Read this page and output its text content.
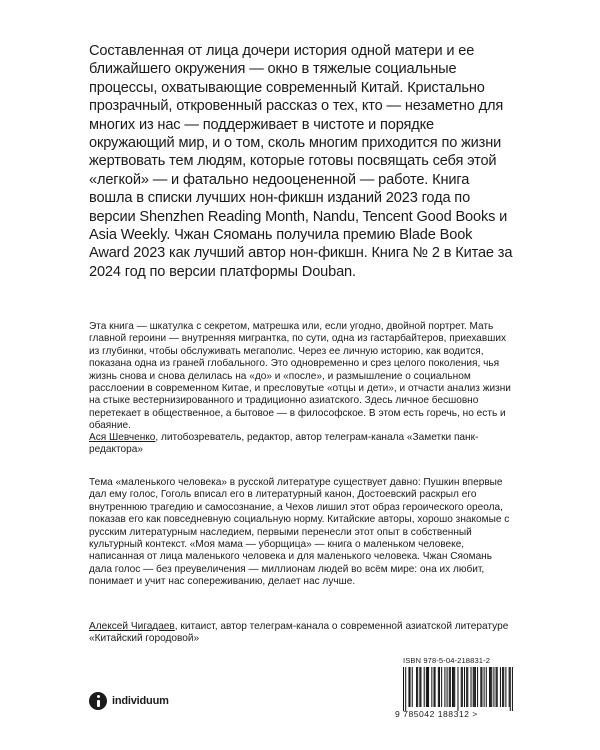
Составленная от лица дочери история одной матери и ее ближайшего окружения — окно в тяжелые социальные процессы, охватывающие современный Китай. Кристально прозрачный, откровенный рассказ о тех, кто — незаметно для многих из нас — поддерживает в чистоте и порядке окружающий мир, и о том, сколь многим приходится по жизни жертвовать тем людям, которые готовы посвящать себя этой «легкой» — и фатально недооцененной — работе. Книга вошла в списки лучших нон-фикшн изданий 2023 года по версии Shenzhen Reading Month, Nandu, Tencent Good Books и Asia Weekly. Чжан Сяомань получила премию Blade Book Award 2023 как лучший автор нон-фикшн. Книга № 2 в Китае за 2024 год по версии платформы Douban.

Эта книга — шкатулка с секретом, матрешка или, если угодно, двойной портрет. Мать главной героини — внутренняя мигрантка, по сути, одна из гастарбайтеров, приехавших из глубинки, чтобы обслуживать мегаполис. Через ее личную историю, как водится, показана одна из граней глобального. Это одновременно и срез целого поколения, чья жизнь снова и снова делилась на «до» и «после», и размышление о социальном расслоении в современном Китае, и пресловутые «отцы и дети», и отчасти анализ жизни на стыке вестернизированного и традиционно азиатского. Здесь личное бесшовно перетекает в общественное, а бытовое — в философское. В этом есть горечь, но есть и обаяние.

Ася Шевченко, литобозреватель, редактор, автор телеграм-канала «Заметки панк-редактора»

Тема «маленького человека» в русской литературе существует давно: Пушкин впервые дал ему голос, Гоголь вписал его в литературный канон, Достоевский раскрыл его внутреннюю трагедию и самосознание, а Чехов лишил этот образ героического ореола, показав его как повседневную социальную норму. Китайские авторы, хорошо знакомые с русским литературным наследием, первыми перенесли этот опыт в собственный культурный контекст. «Моя мама — уборщица» — книга о маленьком человеке, написанная от лица маленького человека и для маленького человека. Чжан Сяомань дала голос — без преувеличения — миллионам людей во всём мире: она их любит, понимает и учит нас сопереживанию, делает нас лучше.

Алексей Чигадаев, китаист, автор телеграм-канала о современной азиатской литературе «Китайский городовой»

individuum

ISBN 978-5-04-218831-2

9 785042 188312 >
